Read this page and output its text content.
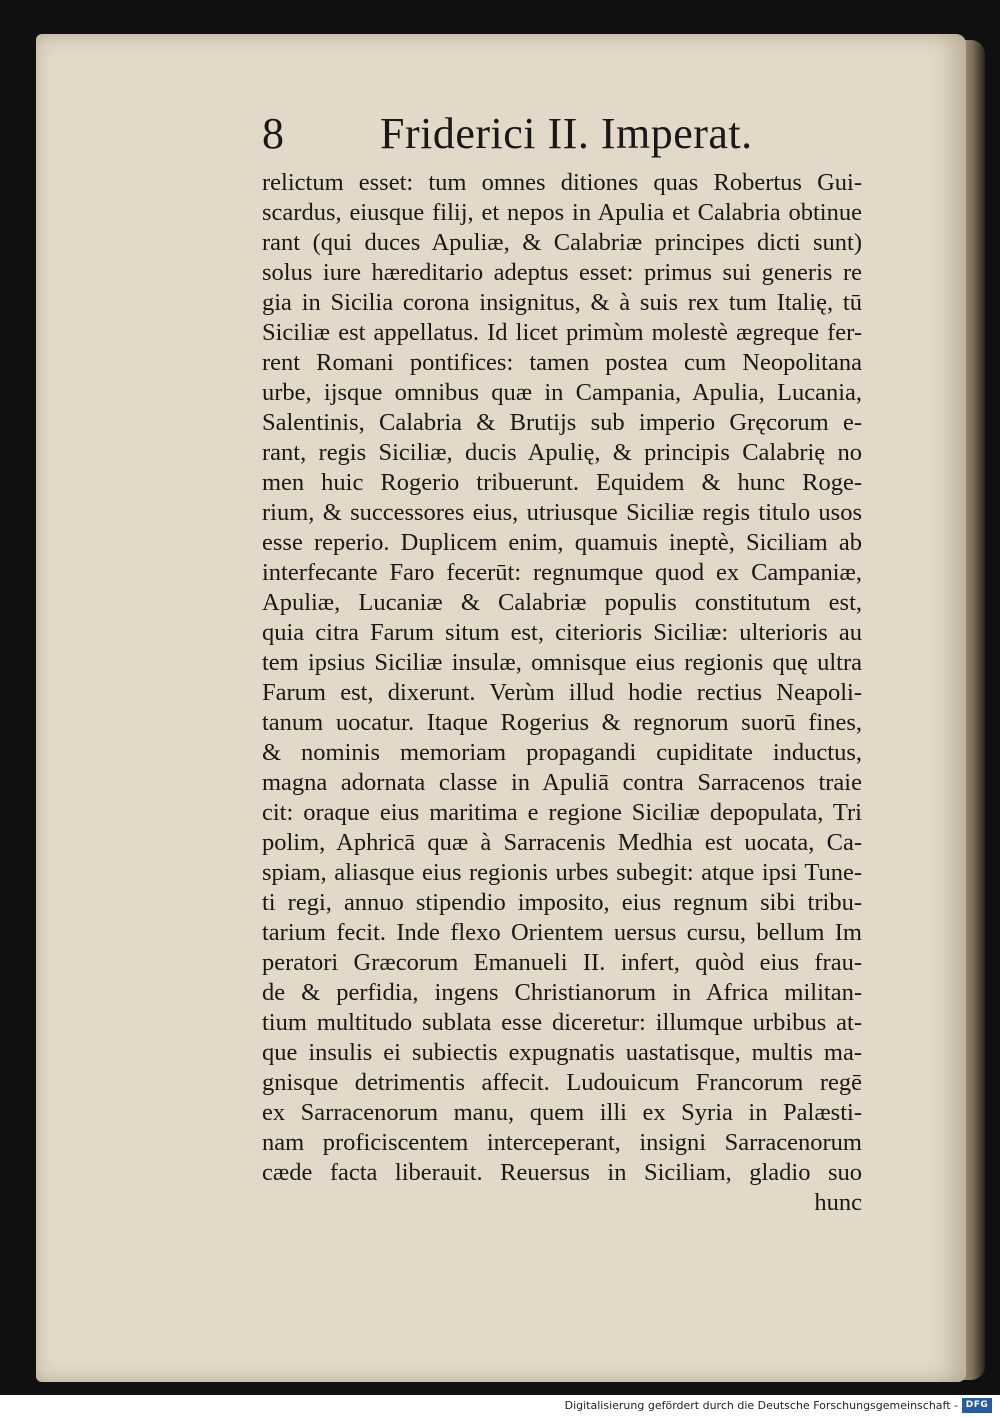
8 Friderici II. Imperat.
relictum esset: tum omnes ditiones quas Robertus Gui-
scardus, eiusque filij, et nepos in Apulia et Calabria obtinue
rant (qui duces Apuliæ, & Calabriæ principes dicti sunt)
solus iure hæreditario adeptus esset: primus sui generis re
gia in Sicilia corona insignitus, & à suis rex tum Italię, tū
Siciliæ est appellatus. Id licet primùm molestè ægreque fer-
rent Romani pontifices: tamen postea cum Neopolitana
urbe, ijsque omnibus quæ in Campania, Apulia, Lucania,
Salentinis, Calabria & Brutijs sub imperio Gręcorum e-
rant, regis Siciliæ, ducis Apulię, & principis Calabrię no
men huic Rogerio tribuerunt. Equidem & hunc Roge-
rium, & successores eius, utriusque Siciliæ regis titulo usos
esse reperio. Duplicem enim, quamuis ineptè, Siciliam ab
interfecante Faro fecerūt: regnumque quod ex Campaniæ,
Apuliæ, Lucaniæ & Calabriæ populis constitutum est,
quia citra Farum situm est, citerioris Siciliæ: ulterioris au
tem ipsius Siciliæ insulæ, omnisque eius regionis quę ultra
Farum est, dixerunt. Verùm illud hodie rectius Neapoli-
tanum uocatur. Itaque Rogerius & regnorum suorū fines,
& nominis memoriam propagandi cupiditate inductus,
magna adornata classe in Apuliā contra Sarracenos traie
cit: oraque eius maritima e regione Siciliæ depopulata, Tri
polim, Aphricā quæ à Sarracenis Medhia est uocata, Ca-
spiam, aliasque eius regionis urbes subegit: atque ipsi Tune-
ti regi, annuo stipendio imposito, eius regnum sibi tribu-
tarium fecit. Inde flexo Orientem uersus cursu, bellum Im
peratori Græcorum Emanueli II. infert, quòd eius frau-
de & perfidia, ingens Christianorum in Africa militan-
tium multitudo sublata esse diceretur: illumque urbibus at-
que insulis ei subiectis expugnatis uastatisque, multis ma-
gnisque detrimentis affecit. Ludouicum Francorum regē
ex Sarracenorum manu, quem illi ex Syria in Palæsti-
nam proficiscentem interceperant, insigni Sarracenorum
cæde facta liberauit. Reuersus in Siciliam, gladio suo
hunc
Digitalisierung gefördert durch die Deutsche Forschungsgemeinschaft - DFG
